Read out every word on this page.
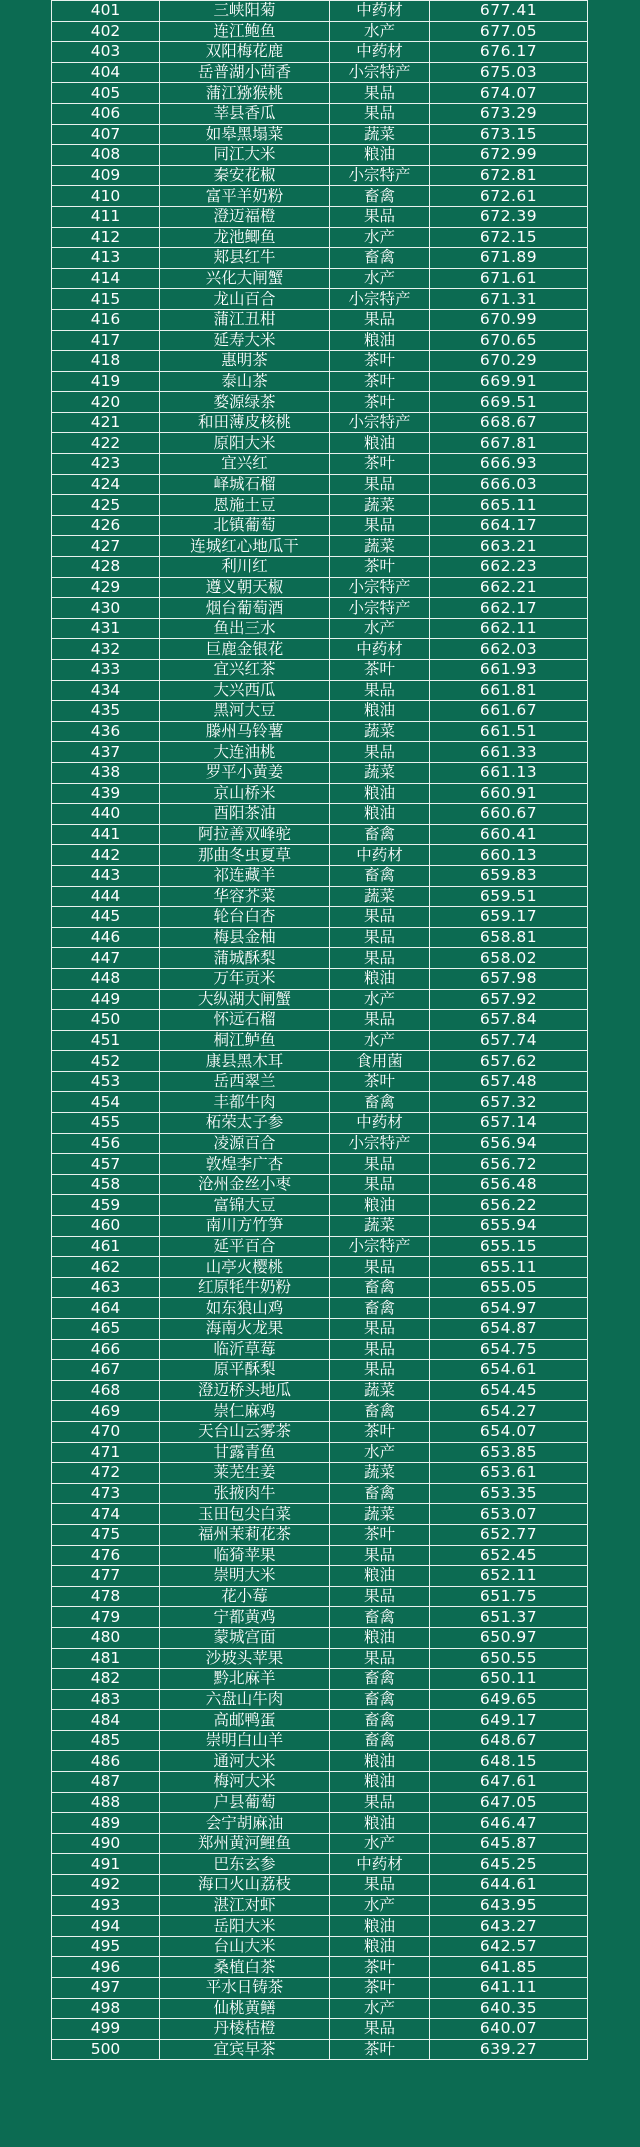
401	三峡阳菊	中药材	677.41
402	连江鲍鱼	水产	677.05
403	双阳梅花鹿	中药材	676.17
404	岳普湖小茴香	小宗特产	675.03
405	蒲江猕猴桃	果品	674.07
406	莘县香瓜	果品	673.29
407	如皋黑塌菜	蔬菜	673.15
408	同江大米	粮油	672.99
409	秦安花椒	小宗特产	672.81
410	富平羊奶粉	畜禽	672.61
411	澄迈福橙	果品	672.39
412	龙池鲫鱼	水产	672.15
413	郏县红牛	畜禽	671.89
414	兴化大闸蟹	水产	671.61
415	龙山百合	小宗特产	671.31
416	蒲江丑柑	果品	670.99
417	延寿大米	粮油	670.65
418	惠明茶	茶叶	670.29
419	泰山茶	茶叶	669.91
420	婺源绿茶	茶叶	669.51
421	和田薄皮核桃	小宗特产	668.67
422	原阳大米	粮油	667.81
423	宜兴红	茶叶	666.93
424	峄城石榴	果品	666.03
425	恩施土豆	蔬菜	665.11
426	北镇葡萄	果品	664.17
427	连城红心地瓜干	蔬菜	663.21
428	利川红	茶叶	662.23
429	遵义朝天椒	小宗特产	662.21
430	烟台葡萄酒	小宗特产	662.17
431	鱼出三水	水产	662.11
432	巨鹿金银花	中药材	662.03
433	宜兴红茶	茶叶	661.93
434	大兴西瓜	果品	661.81
435	黑河大豆	粮油	661.67
436	滕州马铃薯	蔬菜	661.51
437	大连油桃	果品	661.33
438	罗平小黄姜	蔬菜	661.13
439	京山桥米	粮油	660.91
440	酉阳茶油	粮油	660.67
441	阿拉善双峰驼	畜禽	660.41
442	那曲冬虫夏草	中药材	660.13
443	祁连藏羊	畜禽	659.83
444	华容芥菜	蔬菜	659.51
445	轮台白杏	果品	659.17
446	梅县金柚	果品	658.81
447	蒲城酥梨	果品	658.02
448	万年贡米	粮油	657.98
449	大纵湖大闸蟹	水产	657.92
450	怀远石榴	果品	657.84
451	桐江鲈鱼	水产	657.74
452	康县黑木耳	食用菌	657.62
453	岳西翠兰	茶叶	657.48
454	丰都牛肉	畜禽	657.32
455	柘荣太子参	中药材	657.14
456	凌源百合	小宗特产	656.94
457	敦煌李广杏	果品	656.72
458	沧州金丝小枣	果品	656.48
459	富锦大豆	粮油	656.22
460	南川方竹笋	蔬菜	655.94
461	延平百合	小宗特产	655.15
462	山亭火樱桃	果品	655.11
463	红原牦牛奶粉	畜禽	655.05
464	如东狼山鸡	畜禽	654.97
465	海南火龙果	果品	654.87
466	临沂草莓	果品	654.75
467	原平酥梨	果品	654.61
468	澄迈桥头地瓜	蔬菜	654.45
469	崇仁麻鸡	畜禽	654.27
470	天台山云雾茶	茶叶	654.07
471	甘露青鱼	水产	653.85
472	莱芜生姜	蔬菜	653.61
473	张掖肉牛	畜禽	653.35
474	玉田包尖白菜	蔬菜	653.07
475	福州茉莉花茶	茶叶	652.77
476	临猗苹果	果品	652.45
477	崇明大米	粮油	652.11
478	花小莓	果品	651.75
479	宁都黄鸡	畜禽	651.37
480	蒙城宫面	粮油	650.97
481	沙坡头苹果	果品	650.55
482	黔北麻羊	畜禽	650.11
483	六盘山牛肉	畜禽	649.65
484	高邮鸭蛋	畜禽	649.17
485	崇明白山羊	畜禽	648.67
486	通河大米	粮油	648.15
487	梅河大米	粮油	647.61
488	户县葡萄	果品	647.05
489	会宁胡麻油	粮油	646.47
490	郑州黄河鲤鱼	水产	645.87
491	巴东玄参	中药材	645.25
492	海口火山荔枝	果品	644.61
493	湛江对虾	水产	643.95
494	岳阳大米	粮油	643.27
495	台山大米	粮油	642.57
496	桑植白茶	茶叶	641.85
497	平水日铸茶	茶叶	641.11
498	仙桃黄鳝	水产	640.35
499	丹棱桔橙	果品	640.07
500	宜宾早茶	茶叶	639.27
